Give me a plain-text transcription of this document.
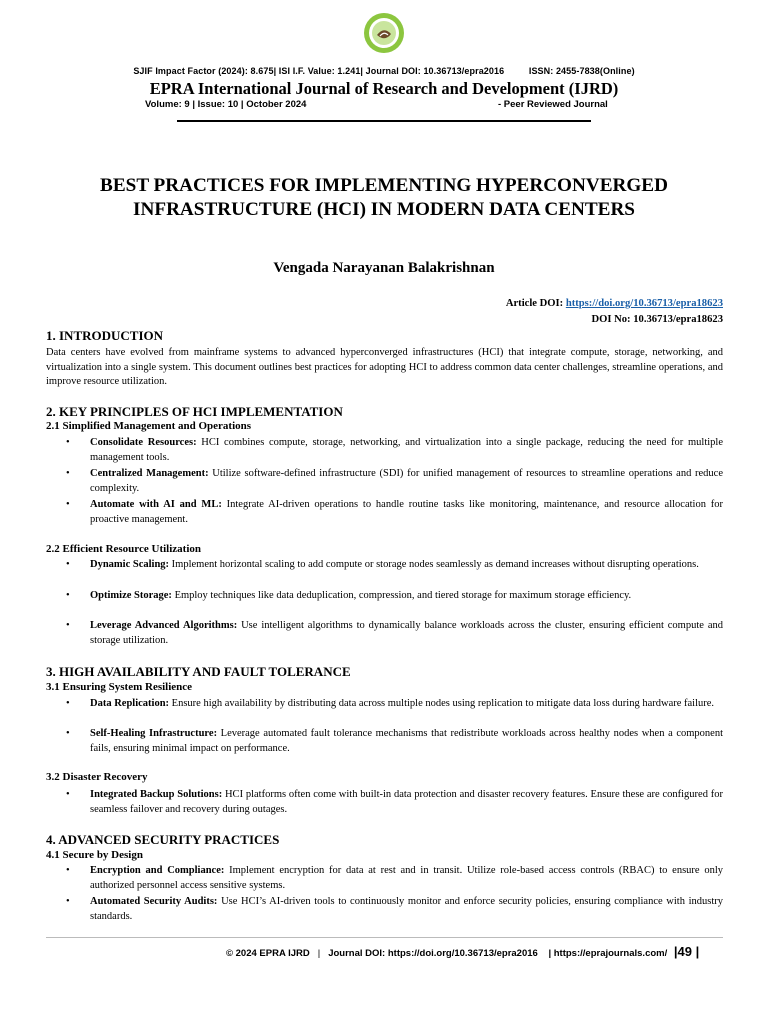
SJIF Impact Factor (2024): 8.675| ISI I.F. Value: 1.241| Journal DOI: 10.36713/epra2016	ISSN: 2455-7838(Online)
EPRA International Journal of Research and Development (IJRD)
Volume: 9 | Issue: 10 | October 2024	- Peer Reviewed Journal
BEST PRACTICES FOR IMPLEMENTING HYPERCONVERGED
INFRASTRUCTURE (HCI) IN MODERN DATA CENTERS
Vengada Narayanan Balakrishnan
Article DOI: https://doi.org/10.36713/epra18623
DOI No: 10.36713/epra18623
1. INTRODUCTION
Data centers have evolved from mainframe systems to advanced hyperconverged infrastructures (HCI) that integrate compute, storage, networking, and virtualization into a single system. This document outlines best practices for adopting HCI to address common data center challenges, streamline operations, and improve resource utilization.
2. KEY PRINCIPLES OF HCI IMPLEMENTATION
2.1 Simplified Management and Operations
• Consolidate Resources: HCI combines compute, storage, networking, and virtualization into a single package, reducing the need for multiple management tools.
• Centralized Management: Utilize software-defined infrastructure (SDI) for unified management of resources to streamline operations and reduce complexity.
• Automate with AI and ML: Integrate AI-driven operations to handle routine tasks like monitoring, maintenance, and resource allocation for proactive management.
2.2 Efficient Resource Utilization
• Dynamic Scaling: Implement horizontal scaling to add compute or storage nodes seamlessly as demand increases without disrupting operations.
• Optimize Storage: Employ techniques like data deduplication, compression, and tiered storage for maximum storage efficiency.
• Leverage Advanced Algorithms: Use intelligent algorithms to dynamically balance workloads across the cluster, ensuring efficient compute and storage utilization.
3. HIGH AVAILABILITY AND FAULT TOLERANCE
3.1 Ensuring System Resilience
• Data Replication: Ensure high availability by distributing data across multiple nodes using replication to mitigate data loss during hardware failure.
• Self-Healing Infrastructure: Leverage automated fault tolerance mechanisms that redistribute workloads across healthy nodes when a component fails, ensuring minimal impact on performance.
3.2 Disaster Recovery
• Integrated Backup Solutions: HCI platforms often come with built-in data protection and disaster recovery features. Ensure these are configured for seamless failover and recovery during outages.
4. ADVANCED SECURITY PRACTICES
4.1 Secure by Design
• Encryption and Compliance: Implement encryption for data at rest and in transit. Utilize role-based access controls (RBAC) to ensure only authorized personnel access sensitive systems.
• Automated Security Audits: Use HCI’s AI-driven tools to continuously monitor and enforce security policies, ensuring compliance with industry standards.
© 2024 EPRA IJRD | Journal DOI: https://doi.org/10.36713/epra2016 | https://eprajournals.com/ |49 |
